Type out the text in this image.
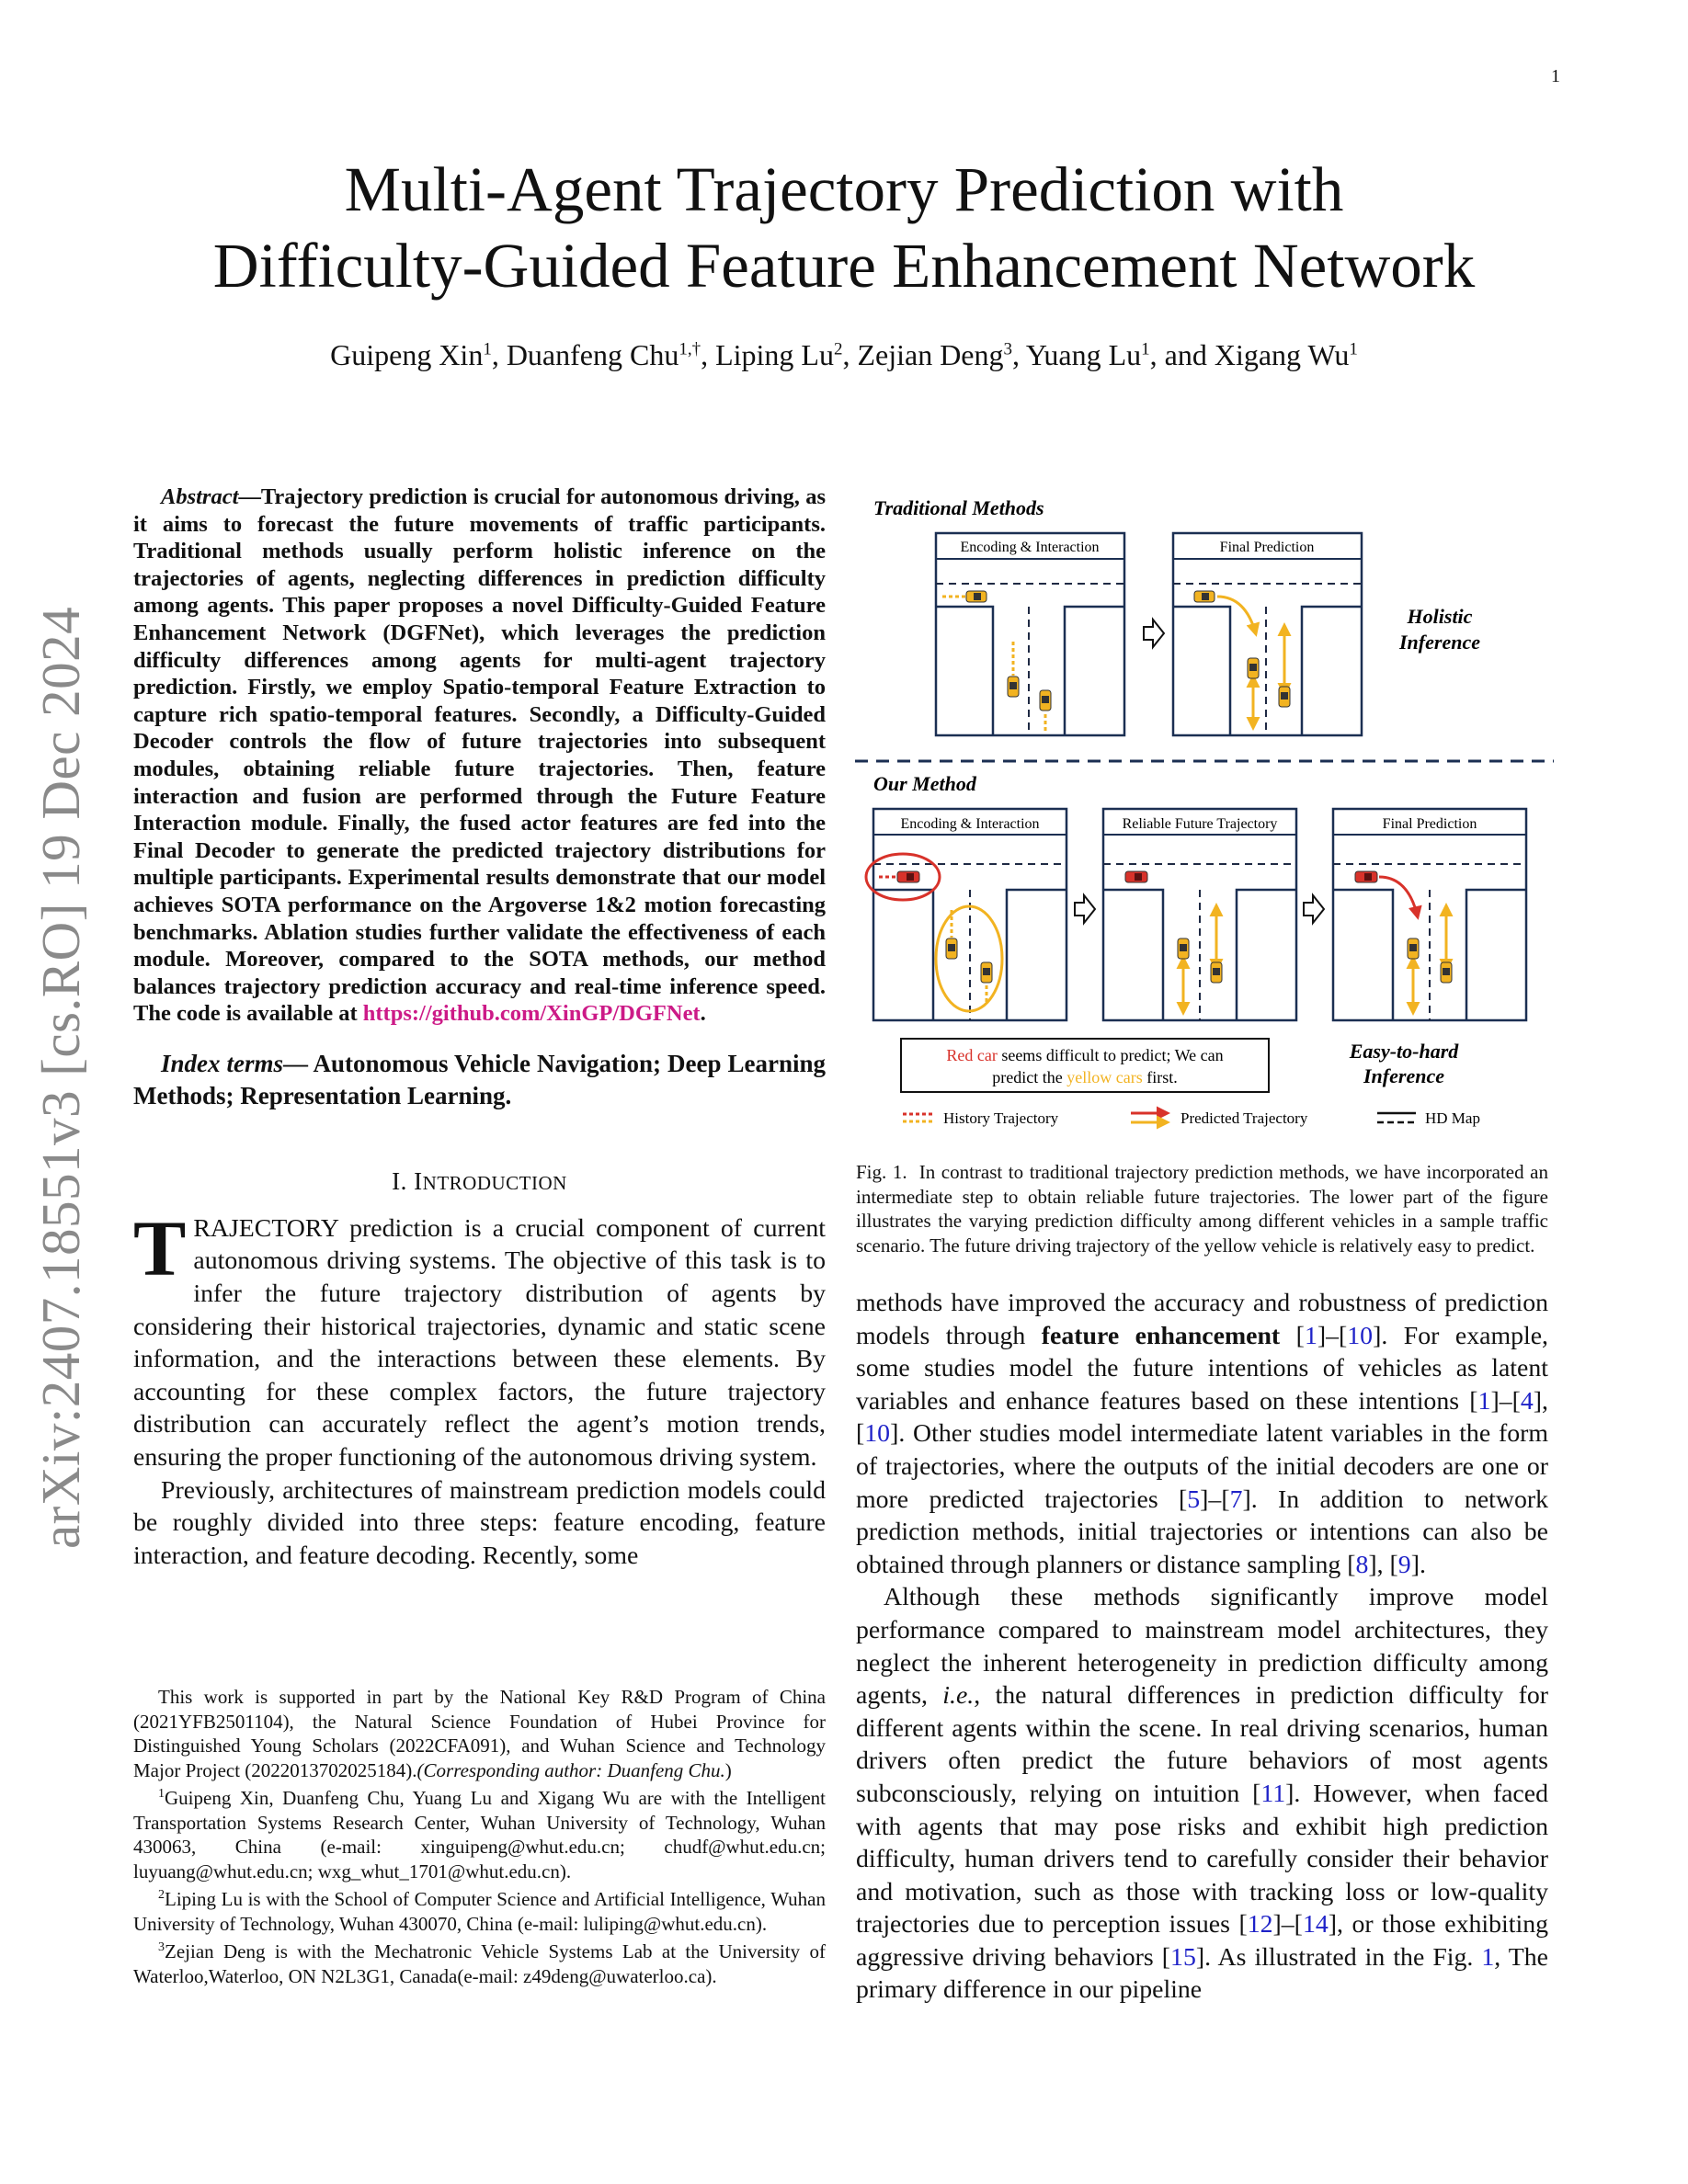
1
Multi-Agent Trajectory Prediction with
Difficulty-Guided Feature Enhancement Network
Guipeng Xin$^1$, Duanfeng Chu$^{1,\dagger}$, Liping Lu$^2$, Zejian Deng$^3$, Yuang Lu$^1$, and Xigang Wu$^1$
arXiv:2407.18551v3 [cs.RO] 19 Dec 2024

Abstract—Trajectory prediction is crucial for autonomous driving, as it aims to forecast the future movements of traffic participants. Traditional methods usually perform holistic inference on the trajectories of agents, neglecting differences in prediction difficulty among agents. This paper proposes a novel Difficulty-Guided Feature Enhancement Network (DGFNet), which leverages the prediction difficulty differences among agents for multi-agent trajectory prediction. Firstly, we employ Spatio-temporal Feature Extraction to capture rich spatio-temporal features. Secondly, a Difficulty-Guided Decoder controls the flow of future trajectories into subsequent modules, obtaining reliable future trajectories. Then, feature interaction and fusion are performed through the Future Feature Interaction module. Finally, the fused actor features are fed into the Final Decoder to generate the predicted trajectory distributions for multiple participants. Experimental results demonstrate that our model achieves SOTA performance on the Argoverse 1&2 motion forecasting benchmarks. Ablation studies further validate the effectiveness of each module. Moreover, compared to the SOTA methods, our method balances trajectory prediction accuracy and real-time inference speed. The code is available at https://github.com/XinGP/DGFNet.

Index terms— Autonomous Vehicle Navigation; Deep Learning Methods; Representation Learning.

I. INTRODUCTION

TRAJECTORY prediction is a crucial component of current autonomous driving systems. The objective of this task is to infer the future trajectory distribution of agents by considering their historical trajectories, dynamic and static scene information, and the interactions between these elements. By accounting for these complex factors, the future trajectory distribution can accurately reflect the agent’s motion trends, ensuring the proper functioning of the autonomous driving system.

Previously, architectures of mainstream prediction models could be roughly divided into three steps: feature encoding, feature interaction, and feature decoding. Recently, some

This work is supported in part by the National Key R&D Program of China (2021YFB2501104), the Natural Science Foundation of Hubei Province for Distinguished Young Scholars (2022CFA091), and Wuhan Science and Technology Major Project (2022013702025184).(Corresponding author: Duanfeng Chu.)

$^1$Guipeng Xin, Duanfeng Chu, Yuang Lu and Xigang Wu are with the Intelligent Transportation Systems Research Center, Wuhan University of Technology, Wuhan 430063, China (e-mail: xinguipeng@whut.edu.cn; chudf@whut.edu.cn; luyuang@whut.edu.cn; wxg_whut_1701@whut.edu.cn).

$^2$Liping Lu is with the School of Computer Science and Artificial Intelligence, Wuhan University of Technology, Wuhan 430070, China (e-mail: luliping@whut.edu.cn).

$^3$Zejian Deng is with the Mechatronic Vehicle Systems Lab at the University of Waterloo,Waterloo, ON N2L3G1, Canada(e-mail: z49deng@uwaterloo.ca).

Traditional Methods
Encoding & Interaction	Final Prediction
Holistic Inference
Our Method
Encoding & Interaction	Reliable Future Trajectory	Final Prediction
Red car seems difficult to predict; We can
predict the yellow cars first.
Easy-to-hard Inference
History Trajectory	Predicted Trajectory	HD Map
Fig. 1. In contrast to traditional trajectory prediction methods, we have incorporated an intermediate step to obtain reliable future trajectories. The lower part of the figure illustrates the varying prediction difficulty among different vehicles in a sample traffic scenario. The future driving trajectory of the yellow vehicle is relatively easy to predict.

methods have improved the accuracy and robustness of prediction models through feature enhancement [1]–[10]. For example, some studies model the future intentions of vehicles as latent variables and enhance features based on these intentions [1]–[4], [10]. Other studies model intermediate latent variables in the form of trajectories, where the outputs of the initial decoders are one or more predicted trajectories [5]–[7]. In addition to network prediction methods, initial trajectories or intentions can also be obtained through planners or distance sampling [8], [9].

Although these methods significantly improve model performance compared to mainstream model architectures, they neglect the inherent heterogeneity in prediction difficulty among agents, i.e., the natural differences in prediction difficulty for different agents within the scene. In real driving scenarios, human drivers often predict the future behaviors of most agents subconsciously, relying on intuition [11]. However, when faced with agents that may pose risks and exhibit high prediction difficulty, human drivers tend to carefully consider their behavior and motivation, such as those with tracking loss or low-quality trajectories due to perception issues [12]–[14], or those exhibiting aggressive driving behaviors [15]. As illustrated in the Fig. 1, The primary difference in our pipeline
